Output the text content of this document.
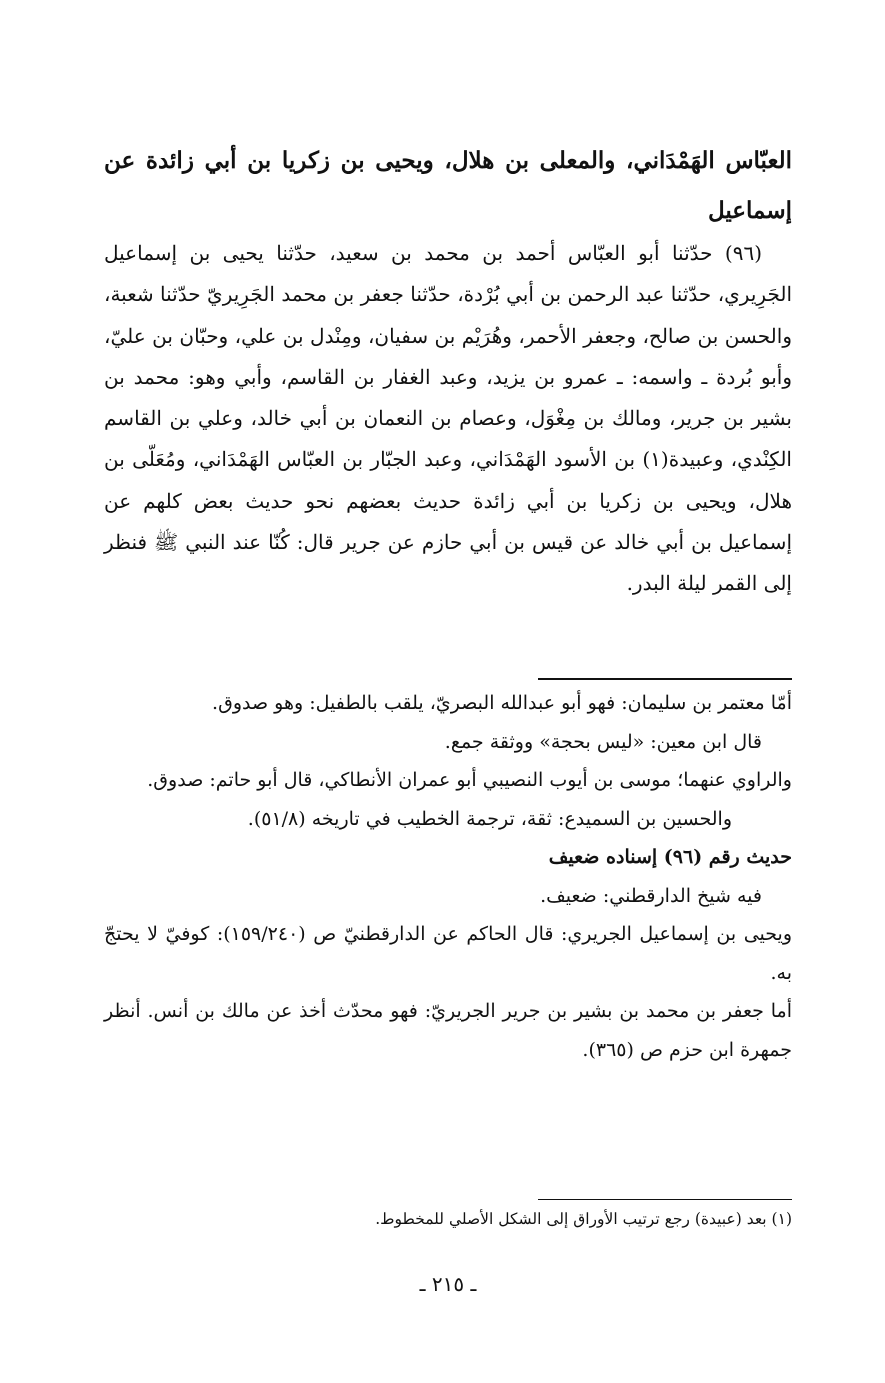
العبّاس الهَمْدَاني، والمعلى بن هلال، ويحيى بن زكريا بن أبي زائدة عن إسماعيل

(٩٦) حدّثنا أبو العبّاس أحمد بن محمد بن سعيد، حدّثنا يحيى بن إسماعيل الجَرِيري، حدّثنا عبد الرحمن بن أبي بُرْدة، حدّثنا جعفر بن محمد الجَرِيريّ حدّثنا شعبة، والحسن بن صالح، وجعفر الأحمر، وهُرَيْم بن سفيان، ومِنْدل بن علي، وحبّان بن عليّ، وأبو بُردة ـ واسمه: ـ عمرو بن يزيد، وعبد الغفار بن القاسم، وأبي وهو: محمد بن بشير بن جرير، ومالك بن مِغْوَل، وعصام بن النعمان بن أبي خالد، وعلي بن القاسم الكِنْدي، وعبيدة(١) بن الأسود الهَمْدَاني، وعبد الجبّار بن العبّاس الهَمْدَاني، ومُعَلّى بن هلال، ويحيى بن زكريا بن أبي زائدة حديث بعضهم نحو حديث بعض كلهم عن إسماعيل بن أبي خالد عن قيس بن أبي حازم عن جرير قال: كُنّا عند النبي ﷺ فنظر إلى القمر ليلة البدر.

أمّا معتمر بن سليمان: فهو أبو عبدالله البصريّ، يلقب بالطفيل: وهو صدوق.

قال ابن معين: «ليس بحجة» ووثقة جمع.

والراوي عنهما؛ موسى بن أيوب النصيبي أبو عمران الأنطاكي، قال أبو حاتم: صدوق.

والحسين بن السميدع: ثقة، ترجمة الخطيب في تاريخه (٥١/٨).

حديث رقم (٩٦) إسناده ضعيف

فيه شيخ الدارقطني: ضعيف.

ويحيى بن إسماعيل الجريري: قال الحاكم عن الدارقطنيّ ص (١٥٩/٢٤٠): كوفيّ لا يحتجّ به.

أما جعفر بن محمد بن بشير بن جرير الجريريّ: فهو محدّث أخذ عن مالك بن أنس. أنظر جمهرة ابن حزم ص (٣٦٥).

(١) بعد (عبيدة) رجع ترتيب الأوراق إلى الشكل الأصلي للمخطوط.
ـ ٢١٥ ـ
